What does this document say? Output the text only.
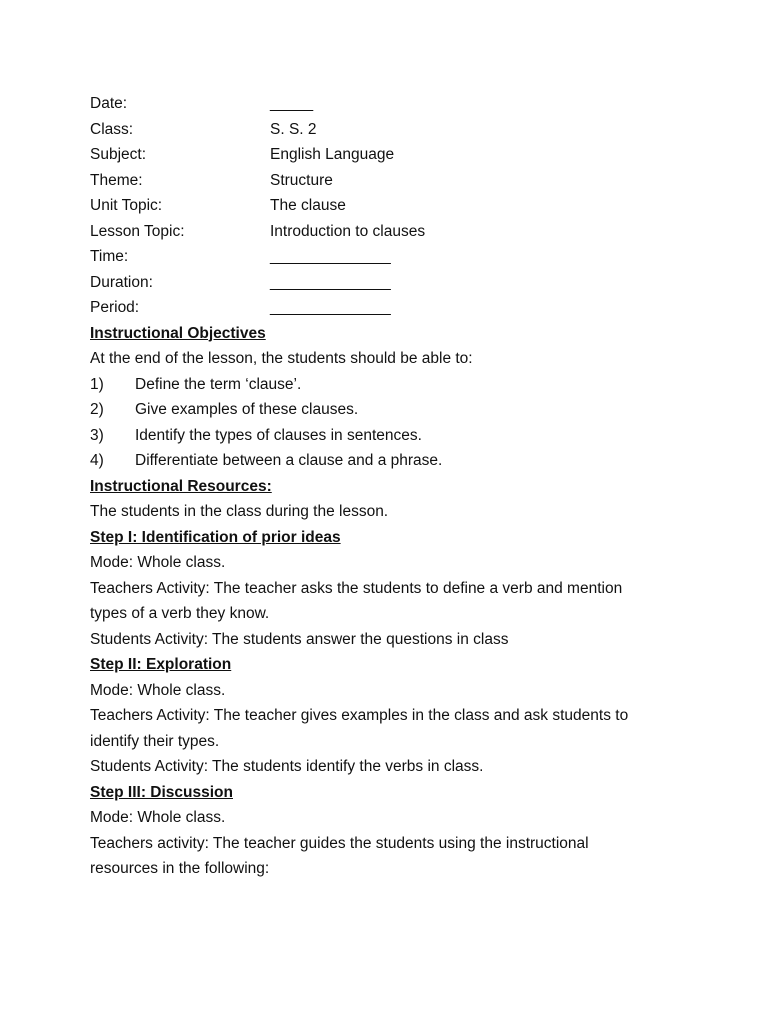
Date:	_____
Class:	S. S. 2
Subject:	English Language
Theme:	Structure
Unit Topic:	The clause
Lesson Topic:	Introduction to clauses
Time:	______________
Duration:	______________
Period:	______________
Instructional Objectives
At the end of the lesson, the students should be able to:
1)	Define the term ‘clause’.
2)	Give examples of these clauses.
3)	Identify the types of clauses in sentences.
4)	Differentiate between a clause and a phrase.
Instructional Resources:
The students in the class during the lesson.
Step I: Identification of prior ideas
Mode: Whole class.
Teachers Activity: The teacher asks the students to define a verb and mention types of a verb they know.
Students Activity: The students answer the questions in class
Step II: Exploration
Mode: Whole class.
Teachers Activity: The teacher gives examples in the class and ask students to identify their types.
Students Activity: The students identify the verbs in class.
Step III: Discussion
Mode: Whole class.
Teachers activity: The teacher guides the students using the instructional resources in the following:
